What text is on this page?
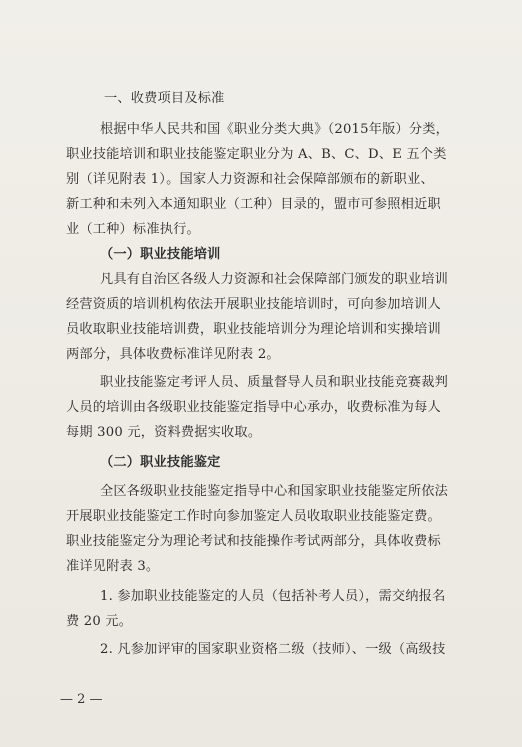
一、收费项目及标准
根据中华人民共和国《职业分类大典》（2015年版）分类，
职业技能培训和职业技能鉴定职业分为 A、B、C、D、E 五个类
别（详见附表 1）。国家人力资源和社会保障部颁布的新职业、
新工种和未列入本通知职业（工种）目录的，盟市可参照相近职
业（工种）标准执行。
（一）职业技能培训
凡具有自治区各级人力资源和社会保障部门颁发的职业培训
经营资质的培训机构依法开展职业技能培训时，可向参加培训人
员收取职业技能培训费，职业技能培训分为理论培训和实操培训
两部分，具体收费标准详见附表 2。
职业技能鉴定考评人员、质量督导人员和职业技能竞赛裁判
人员的培训由各级职业技能鉴定指导中心承办，收费标准为每人
每期 300 元，资料费据实收取。
（二）职业技能鉴定
全区各级职业技能鉴定指导中心和国家职业技能鉴定所依法
开展职业技能鉴定工作时向参加鉴定人员收取职业技能鉴定费。
职业技能鉴定分为理论考试和技能操作考试两部分，具体收费标
准详见附表 3。
1. 参加职业技能鉴定的人员（包括补考人员），需交纳报名
费 20 元。
2. 凡参加评审的国家职业资格二级（技师）、一级（高级技
— 2 —
